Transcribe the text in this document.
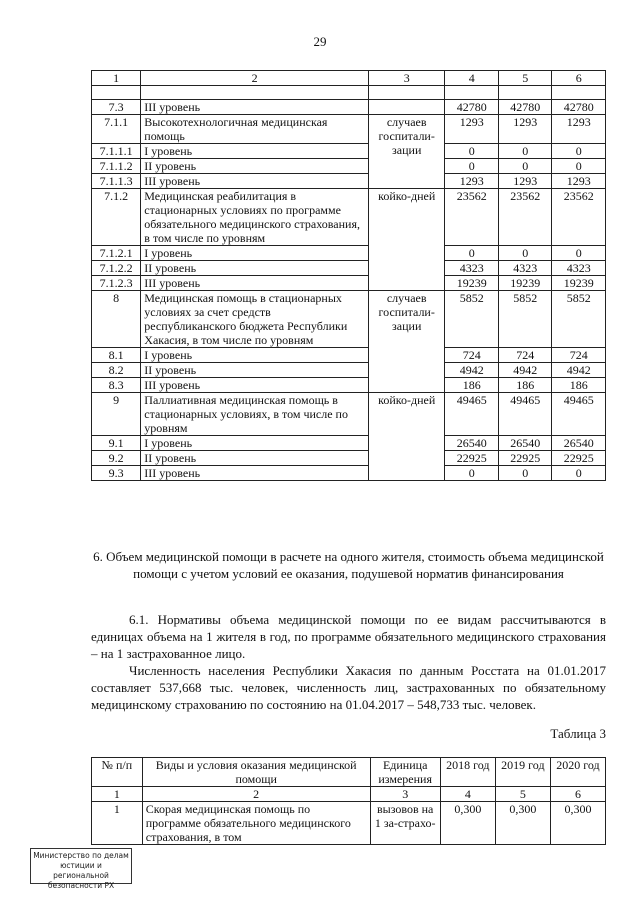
29
1	2	3	4	5	6

7.3	III уровень		42780	42780	42780
7.1.1	Высокотехнологичная медицинская помощь	случаев госпитали-зации	1293	1293	1293
7.1.1.1	I уровень		0	0	0
7.1.1.2	II уровень		0	0	0
7.1.1.3	III уровень		1293	1293	1293
7.1.2	Медицинская реабилитация в стационарных условиях по программе обязательного медицинского страхования, в том числе по уровням	койко-дней	23562	23562	23562
7.1.2.1	I уровень		0	0	0
7.1.2.2	II уровень		4323	4323	4323
7.1.2.3	III уровень		19239	19239	19239
8	Медицинская помощь в стационарных условиях за счет средств республиканского бюджета Республики Хакасия, в том числе по уровням	случаев госпитали-зации	5852	5852	5852
8.1	I уровень		724	724	724
8.2	II уровень		4942	4942	4942
8.3	III уровень		186	186	186
9	Паллиативная медицинская помощь в стационарных условиях, в том числе по уровням	койко-дней	49465	49465	49465
9.1	I уровень		26540	26540	26540
9.2	II уровень		22925	22925	22925
9.3	III уровень		0	0	0
6. Объем медицинской помощи в расчете на одного жителя, стоимость объема медицинской помощи с учетом условий ее оказания, подушевой норматив финансирования
6.1. Нормативы объема медицинской помощи по ее видам рассчитываются в единицах объема на 1 жителя в год, по программе обязательного медицинского страхования – на 1 застрахованное лицо.
Численность населения Республики Хакасия по данным Росстата на 01.01.2017 составляет 537,668 тыс. человек, численность лиц, застрахованных по обязательному медицинскому страхованию по состоянию на 01.04.2017 – 548,733 тыс. человек.
Таблица 3
№ п/п	Виды и условия оказания медицинской помощи	Единица измерения	2018 год	2019 год	2020 год
1	2	3	4	5	6
1	Скорая медицинская помощь по программе обязательного медицинского страхования, в том	вызовов на 1 за-страхо-	0,300	0,300	0,300
Министерство по делам юстиции и региональной безопасности РХ
